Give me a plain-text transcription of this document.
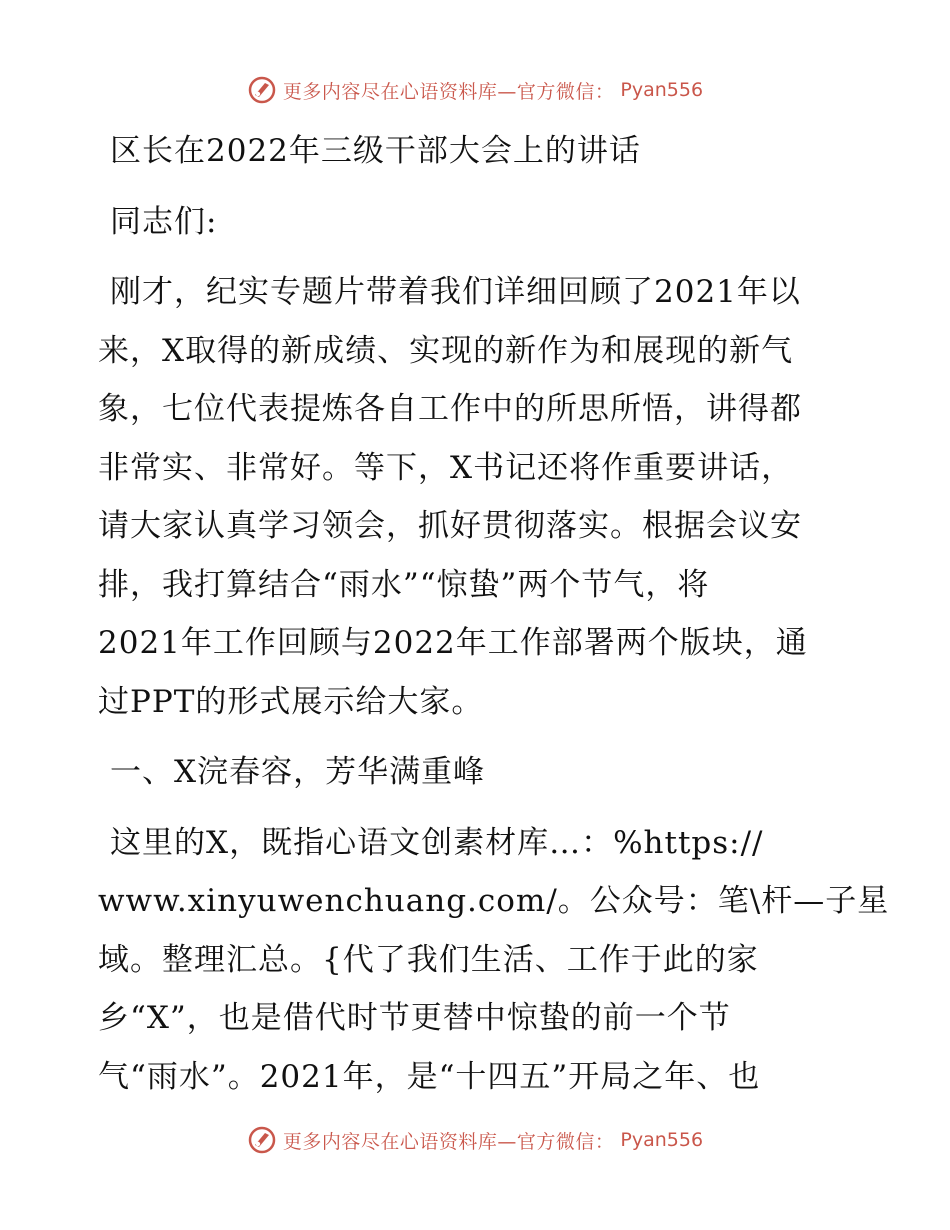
更多内容尽在心语资料库—官方微信： Pyan556
区长在2022年三级干部大会上的讲话
同志们:
刚才，纪实专题片带着我们详细回顾了2021年以
来，X取得的新成绩、实现的新作为和展现的新气
象，七位代表提炼各自工作中的所思所悟，讲得都
非常实、非常好。等下，X书记还将作重要讲话，
请大家认真学习领会，抓好贯彻落实。根据会议安
排，我打算结合“雨水”“惊蛰”两个节气，将
2021年工作回顾与2022年工作部署两个版块，通
过PPT的形式展示给大家。
一、X浣春容，芳华满重峰
这里的X，既指心语文创素材库…：%https://
www.xinyuwenchuang.com/。公众号：笔\杆—子星
域。整理汇总。{代了我们生活、工作于此的家
乡“X”，也是借代时节更替中惊蛰的前一个节
气“雨水”。2021年，是“十四五”开局之年、也
更多内容尽在心语资料库—官方微信： Pyan556
